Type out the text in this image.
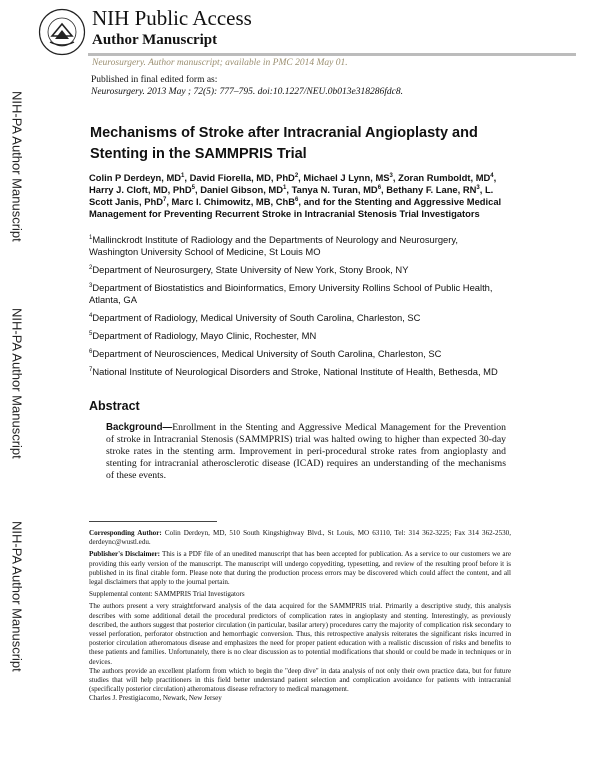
NIH Public Access
Author Manuscript
Neurosurgery. Author manuscript; available in PMC 2014 May 01.
Published in final edited form as:
Neurosurgery. 2013 May ; 72(5): 777–795. doi:10.1227/NEU.0b013e318286fdc8.
NIH-PA Author Manuscript
NIH-PA Author Manuscript
NIH-PA Author Manuscript
Mechanisms of Stroke after Intracranial Angioplasty and Stenting in the SAMMPRIS Trial
Colin P Derdeyn, $MD^1$, David Fiorella, MD, PhD$^2$, Michael J Lynn, $MS^3$, Zoran Rumboldt, $MD^4$, Harry J. Cloft, MD, PhD$^5$, Daniel Gibson, $MD^1$, Tanya N. Turan, $MD^6$, Bethany F. Lane, $RN^3$, L. Scott Janis, PhD$^7$, Marc I. Chimowitz, MB, ChB$^6$, and for the Stenting and Aggressive Medical Management for Preventing Recurrent Stroke in Intracranial Stenosis Trial Investigators
$^1$Mallinckrodt Institute of Radiology and the Departments of Neurology and Neurosurgery, Washington University School of Medicine, St Louis MO
$^2$Department of Neurosurgery, State University of New York, Stony Brook, NY
$^3$Department of Biostatistics and Bioinformatics, Emory University Rollins School of Public Health, Atlanta, GA
$^4$Department of Radiology, Medical University of South Carolina, Charleston, SC
$^5$Department of Radiology, Mayo Clinic, Rochester, MN
$^6$Department of Neurosciences, Medical University of South Carolina, Charleston, SC
$^7$National Institute of Neurological Disorders and Stroke, National Institute of Health, Bethesda, MD
Abstract
Background—Enrollment in the Stenting and Aggressive Medical Management for the Prevention of stroke in Intracranial Stenosis (SAMMPRIS) trial was halted owing to higher than expected 30-day stroke rates in the stenting arm. Improvement in peri-procedural stroke rates from angioplasty and stenting for intracranial atherosclerotic disease (ICAD) requires an understanding of the mechanisms of these events.

Corresponding Author: Colin Derdeyn, MD, 510 South Kingshighway Blvd., St Louis, MO 63110, Tel: 314 362-3225; Fax 314 362-2530, derdeync@wustl.edu.

Publisher's Disclaimer: This is a PDF file of an unedited manuscript that has been accepted for publication. As a service to our customers we are providing this early version of the manuscript. The manuscript will undergo copyediting, typesetting, and review of the resulting proof before it is published in its final citable form. Please note that during the production process errors may be discovered which could affect the content, and all legal disclaimers that apply to the journal pertain.

Supplemental content: SAMMPRIS Trial Investigators

The authors present a very straightforward analysis of the data acquired for the SAMMPRIS trial. Primarily a descriptive study, this analysis describes with some additional detail the procedural predictors of complication rates in angioplasty and stenting. Interestingly, as previously described, the authors suggest that posterior circulation (in particular, basilar artery) procedures carry the majority of complication risk secondary to vessel perforation, perforator obstruction and hemorrhagic conversion. Thus, this retrospective analysis reiterates the significant risks incurred in posterior circulation atheromatous disease and emphasizes the need for proper patient education with a realistic discussion of risks and benefits to these patients and families. Unfortunately, there is no clear discussion as to potential modifications that should or could be made in techniques or in devices.

The authors provide an excellent platform from which to begin the "deep dive" in data analysis of not only their own practice data, but for future studies that will help practitioners in this field better understand patient selection and complication avoidance for patients with intracranial (specifically posterior circulation) atheromatous disease refractory to medical management.

Charles J. Prestigiacomo, Newark, New Jersey
